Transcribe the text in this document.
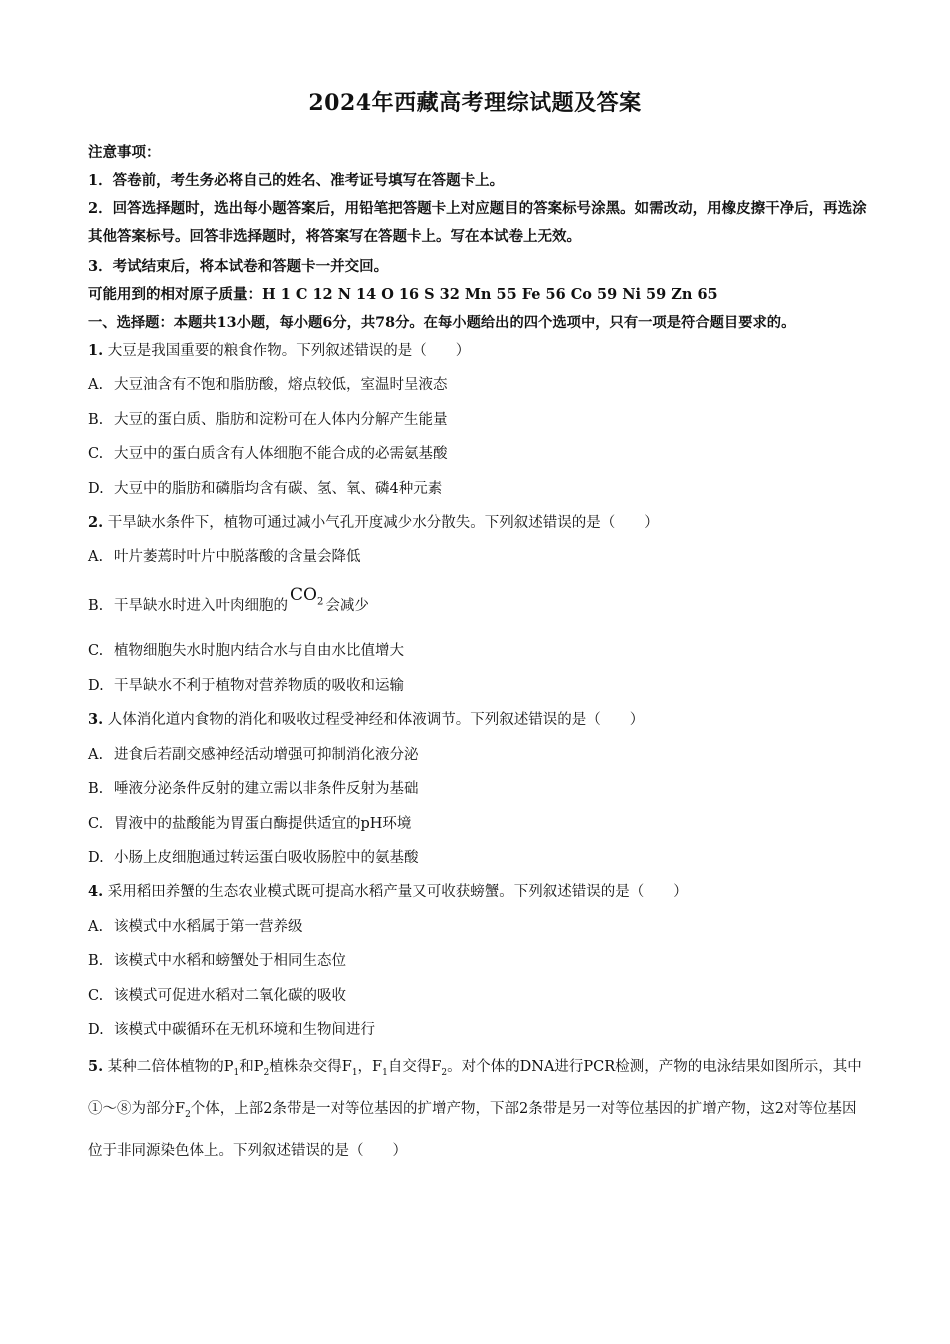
2024年西藏高考理综试题及答案
注意事项：
1．答卷前，考生务必将自己的姓名、准考证号填写在答题卡上。
2．回答选择题时，选出每小题答案后，用铅笔把答题卡上对应题目的答案标号涂黑。如需改动，用橡皮擦干净后，再选涂其他答案标号。回答非选择题时，将答案写在答题卡上。写在本试卷上无效。
3．考试结束后，将本试卷和答题卡一并交回。
可能用到的相对原子质量：H 1 C 12 N 14 O 16 S 32 Mn 55 Fe 56 Co 59 Ni 59 Zn 65
一、选择题：本题共13小题，每小题6分，共78分。在每小题给出的四个选项中，只有一项是符合题目要求的。
1. 大豆是我国重要的粮食作物。下列叙述错误的是（　　）
A. 大豆油含有不饱和脂肪酸，熔点较低，室温时呈液态
B. 大豆的蛋白质、脂肪和淀粉可在人体内分解产生能量
C. 大豆中的蛋白质含有人体细胞不能合成的必需氨基酸
D. 大豆中的脂肪和磷脂均含有碳、氢、氧、磷4种元素
2. 干旱缺水条件下，植物可通过减小气孔开度减少水分散失。下列叙述错误的是（　　）
A. 叶片萎蔫时叶片中脱落酸的含量会降低
B. 干旱缺水时进入叶肉细胞的$CO_2$ 会减少
C. 植物细胞失水时胞内结合水与自由水比值增大
D. 干旱缺水不利于植物对营养物质的吸收和运输
3. 人体消化道内食物的消化和吸收过程受神经和体液调节。下列叙述错误的是（　　）
A. 进食后若副交感神经活动增强可抑制消化液分泌
B. 唾液分泌条件反射的建立需以非条件反射为基础
C. 胃液中的盐酸能为胃蛋白酶提供适宜的pH环境
D. 小肠上皮细胞通过转运蛋白吸收肠腔中的氨基酸
4. 采用稻田养蟹的生态农业模式既可提高水稻产量又可收获螃蟹。下列叙述错误的是（　　）
A. 该模式中水稻属于第一营养级
B. 该模式中水稻和螃蟹处于相同生态位
C. 该模式可促进水稻对二氧化碳的吸收
D. 该模式中碳循环在无机环境和生物间进行
5. 某种二倍体植物的$P_1$和$P_2$植株杂交得$F_1$，$F_1$自交得$F_2$。对个体的DNA进行PCR检测，产物的电泳结果如图所示，其中①～⑧为部分$F_2$个体，上部2条带是一对等位基因的扩增产物，下部2条带是另一对等位基因的扩增产物，这2对等位基因位于非同源染色体上。下列叙述错误的是（　　）
